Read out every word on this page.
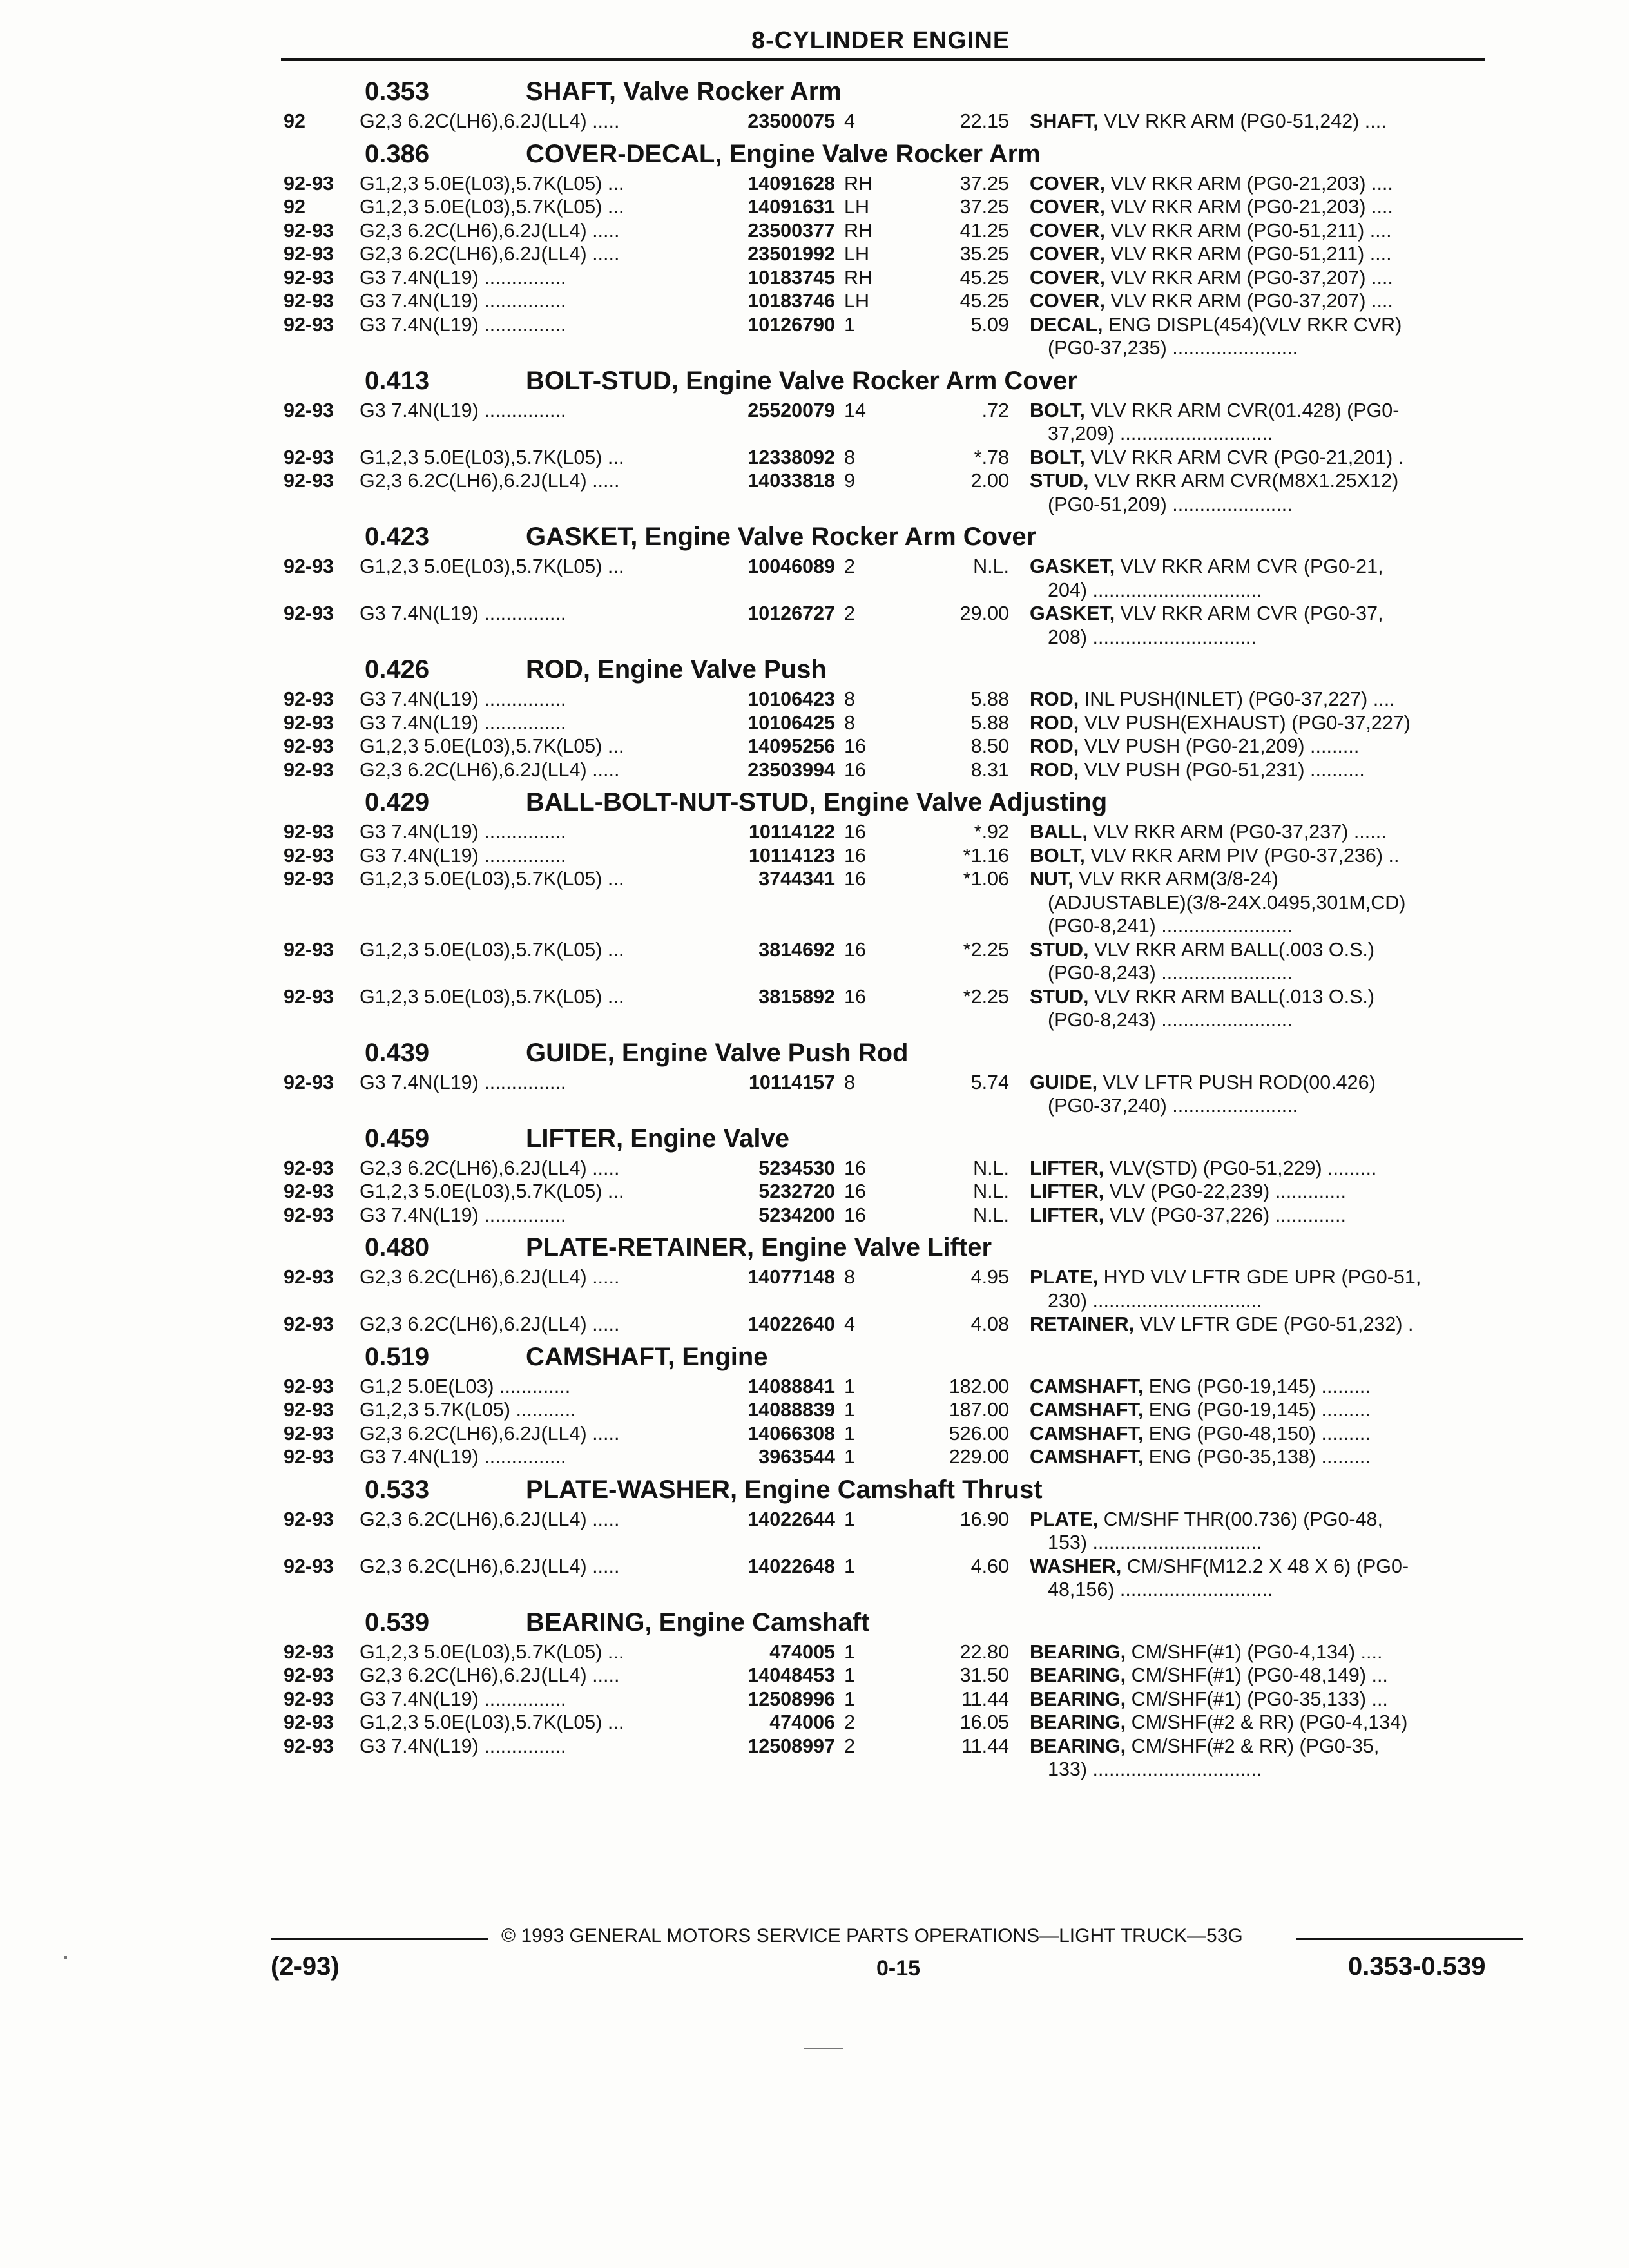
8-CYLINDER ENGINE
0.353	SHAFT, Valve Rocker Arm
92	G2,3 6.2C(LH6),6.2J(LL4) .....	23500075 4	22.15 SHAFT, VLV RKR ARM (PG0-51,242) ....
0.386	COVER-DECAL, Engine Valve Rocker Arm
92-93 G1,2,3 5.0E(L03),5.7K(L05) ...	14091628 RH	37.25 COVER, VLV RKR ARM (PG0-21,203) ....
92	G1,2,3 5.0E(L03),5.7K(L05) ...	14091631 LH	37.25 COVER, VLV RKR ARM (PG0-21,203) ....
92-93 G2,3 6.2C(LH6),6.2J(LL4) .....	23500377 RH	41.25 COVER, VLV RKR ARM (PG0-51,211) ....
92-93 G2,3 6.2C(LH6),6.2J(LL4) .....	23501992 LH	35.25 COVER, VLV RKR ARM (PG0-51,211) ....
92-93 G3 7.4N(L19) ...............	10183745 RH	45.25 COVER, VLV RKR ARM (PG0-37,207) ....
92-93 G3 7.4N(L19) ...............	10183746 LH	45.25 COVER, VLV RKR ARM (PG0-37,207) ....
92-93 G3 7.4N(L19) ...............	10126790 1	5.09 DECAL, ENG DISPL(454)(VLV RKR CVR)
(PG0-37,235) .......................
0.413	BOLT-STUD, Engine Valve Rocker Arm Cover
92-93 G3 7.4N(L19) ...............	25520079 14	.72 BOLT, VLV RKR ARM CVR(01.428) (PG0-
37,209) ............................
92-93 G1,2,3 5.0E(L03),5.7K(L05) ...	12338092 8	*.78 BOLT, VLV RKR ARM CVR (PG0-21,201) .
92-93 G2,3 6.2C(LH6),6.2J(LL4) .....	14033818 9	2.00 STUD, VLV RKR ARM CVR(M8X1.25X12)
(PG0-51,209) ......................
0.423	GASKET, Engine Valve Rocker Arm Cover
92-93 G1,2,3 5.0E(L03),5.7K(L05) ...	10046089 2	N.L. GASKET, VLV RKR ARM CVR (PG0-21,
204) ...............................
92-93 G3 7.4N(L19) ...............	10126727 2	29.00 GASKET, VLV RKR ARM CVR (PG0-37,
208) ..............................
0.426	ROD, Engine Valve Push
92-93 G3 7.4N(L19) ...............	10106423 8	5.88 ROD, INL PUSH(INLET) (PG0-37,227) ....
92-93 G3 7.4N(L19) ...............	10106425 8	5.88 ROD, VLV PUSH(EXHAUST) (PG0-37,227)
92-93 G1,2,3 5.0E(L03),5.7K(L05) ...	14095256 16	8.50 ROD, VLV PUSH (PG0-21,209) .........
92-93 G2,3 6.2C(LH6),6.2J(LL4) .....	23503994 16	8.31 ROD, VLV PUSH (PG0-51,231) ..........
0.429	BALL-BOLT-NUT-STUD, Engine Valve Adjusting
92-93 G3 7.4N(L19) ...............	10114122 16	*.92 BALL, VLV RKR ARM (PG0-37,237) ......
92-93 G3 7.4N(L19) ...............	10114123 16	*1.16 BOLT, VLV RKR ARM PIV (PG0-37,236) ..
92-93 G1,2,3 5.0E(L03),5.7K(L05) ...	3744341 16	*1.06 NUT, VLV RKR ARM(3/8-24)
(ADJUSTABLE)(3/8-24X.0495,301M,CD)
(PG0-8,241) ........................
92-93 G1,2,3 5.0E(L03),5.7K(L05) ...	3814692 16	*2.25 STUD, VLV RKR ARM BALL(.003 O.S.)
(PG0-8,243) ........................
92-93 G1,2,3 5.0E(L03),5.7K(L05) ...	3815892 16	*2.25 STUD, VLV RKR ARM BALL(.013 O.S.)
(PG0-8,243) ........................
0.439	GUIDE, Engine Valve Push Rod
92-93 G3 7.4N(L19) ...............	10114157 8	5.74 GUIDE, VLV LFTR PUSH ROD(00.426)
(PG0-37,240) .......................
0.459	LIFTER, Engine Valve
92-93 G2,3 6.2C(LH6),6.2J(LL4) .....	5234530 16	N.L. LIFTER, VLV(STD) (PG0-51,229) .........
92-93 G1,2,3 5.0E(L03),5.7K(L05) ...	5232720 16	N.L. LIFTER, VLV (PG0-22,239) .............
92-93 G3 7.4N(L19) ...............	5234200 16	N.L. LIFTER, VLV (PG0-37,226) .............
0.480	PLATE-RETAINER, Engine Valve Lifter
92-93 G2,3 6.2C(LH6),6.2J(LL4) .....	14077148 8	4.95 PLATE, HYD VLV LFTR GDE UPR (PG0-51,
230) ...............................
92-93 G2,3 6.2C(LH6),6.2J(LL4) .....	14022640 4	4.08 RETAINER, VLV LFTR GDE (PG0-51,232) .
0.519	CAMSHAFT, Engine
92-93 G1,2 5.0E(L03) .............	14088841 1	182.00 CAMSHAFT, ENG (PG0-19,145) .........
92-93 G1,2,3 5.7K(L05) ...........	14088839 1	187.00 CAMSHAFT, ENG (PG0-19,145) .........
92-93 G2,3 6.2C(LH6),6.2J(LL4) .....	14066308 1	526.00 CAMSHAFT, ENG (PG0-48,150) .........
92-93 G3 7.4N(L19) ...............	3963544 1	229.00 CAMSHAFT, ENG (PG0-35,138) .........
0.533	PLATE-WASHER, Engine Camshaft Thrust
92-93 G2,3 6.2C(LH6),6.2J(LL4) .....	14022644 1	16.90 PLATE, CM/SHF THR(00.736) (PG0-48,
153) ...............................
92-93 G2,3 6.2C(LH6),6.2J(LL4) .....	14022648 1	4.60 WASHER, CM/SHF(M12.2 X 48 X 6) (PG0-
48,156) ............................
0.539	BEARING, Engine Camshaft
92-93 G1,2,3 5.0E(L03),5.7K(L05) ...	474005 1	22.80 BEARING, CM/SHF(#1) (PG0-4,134) ....
92-93 G2,3 6.2C(LH6),6.2J(LL4) .....	14048453 1	31.50 BEARING, CM/SHF(#1) (PG0-48,149) ...
92-93 G3 7.4N(L19) ...............	12508996 1	11.44 BEARING, CM/SHF(#1) (PG0-35,133) ...
92-93 G1,2,3 5.0E(L03),5.7K(L05) ...	474006 2	16.05 BEARING, CM/SHF(#2 & RR) (PG0-4,134)
92-93 G3 7.4N(L19) ...............	12508997 2	11.44 BEARING, CM/SHF(#2 & RR) (PG0-35,
133) ...............................
© 1993 GENERAL MOTORS SERVICE PARTS OPERATIONS—LIGHT TRUCK—53G
(2-93)	0-15	0.353-0.539
